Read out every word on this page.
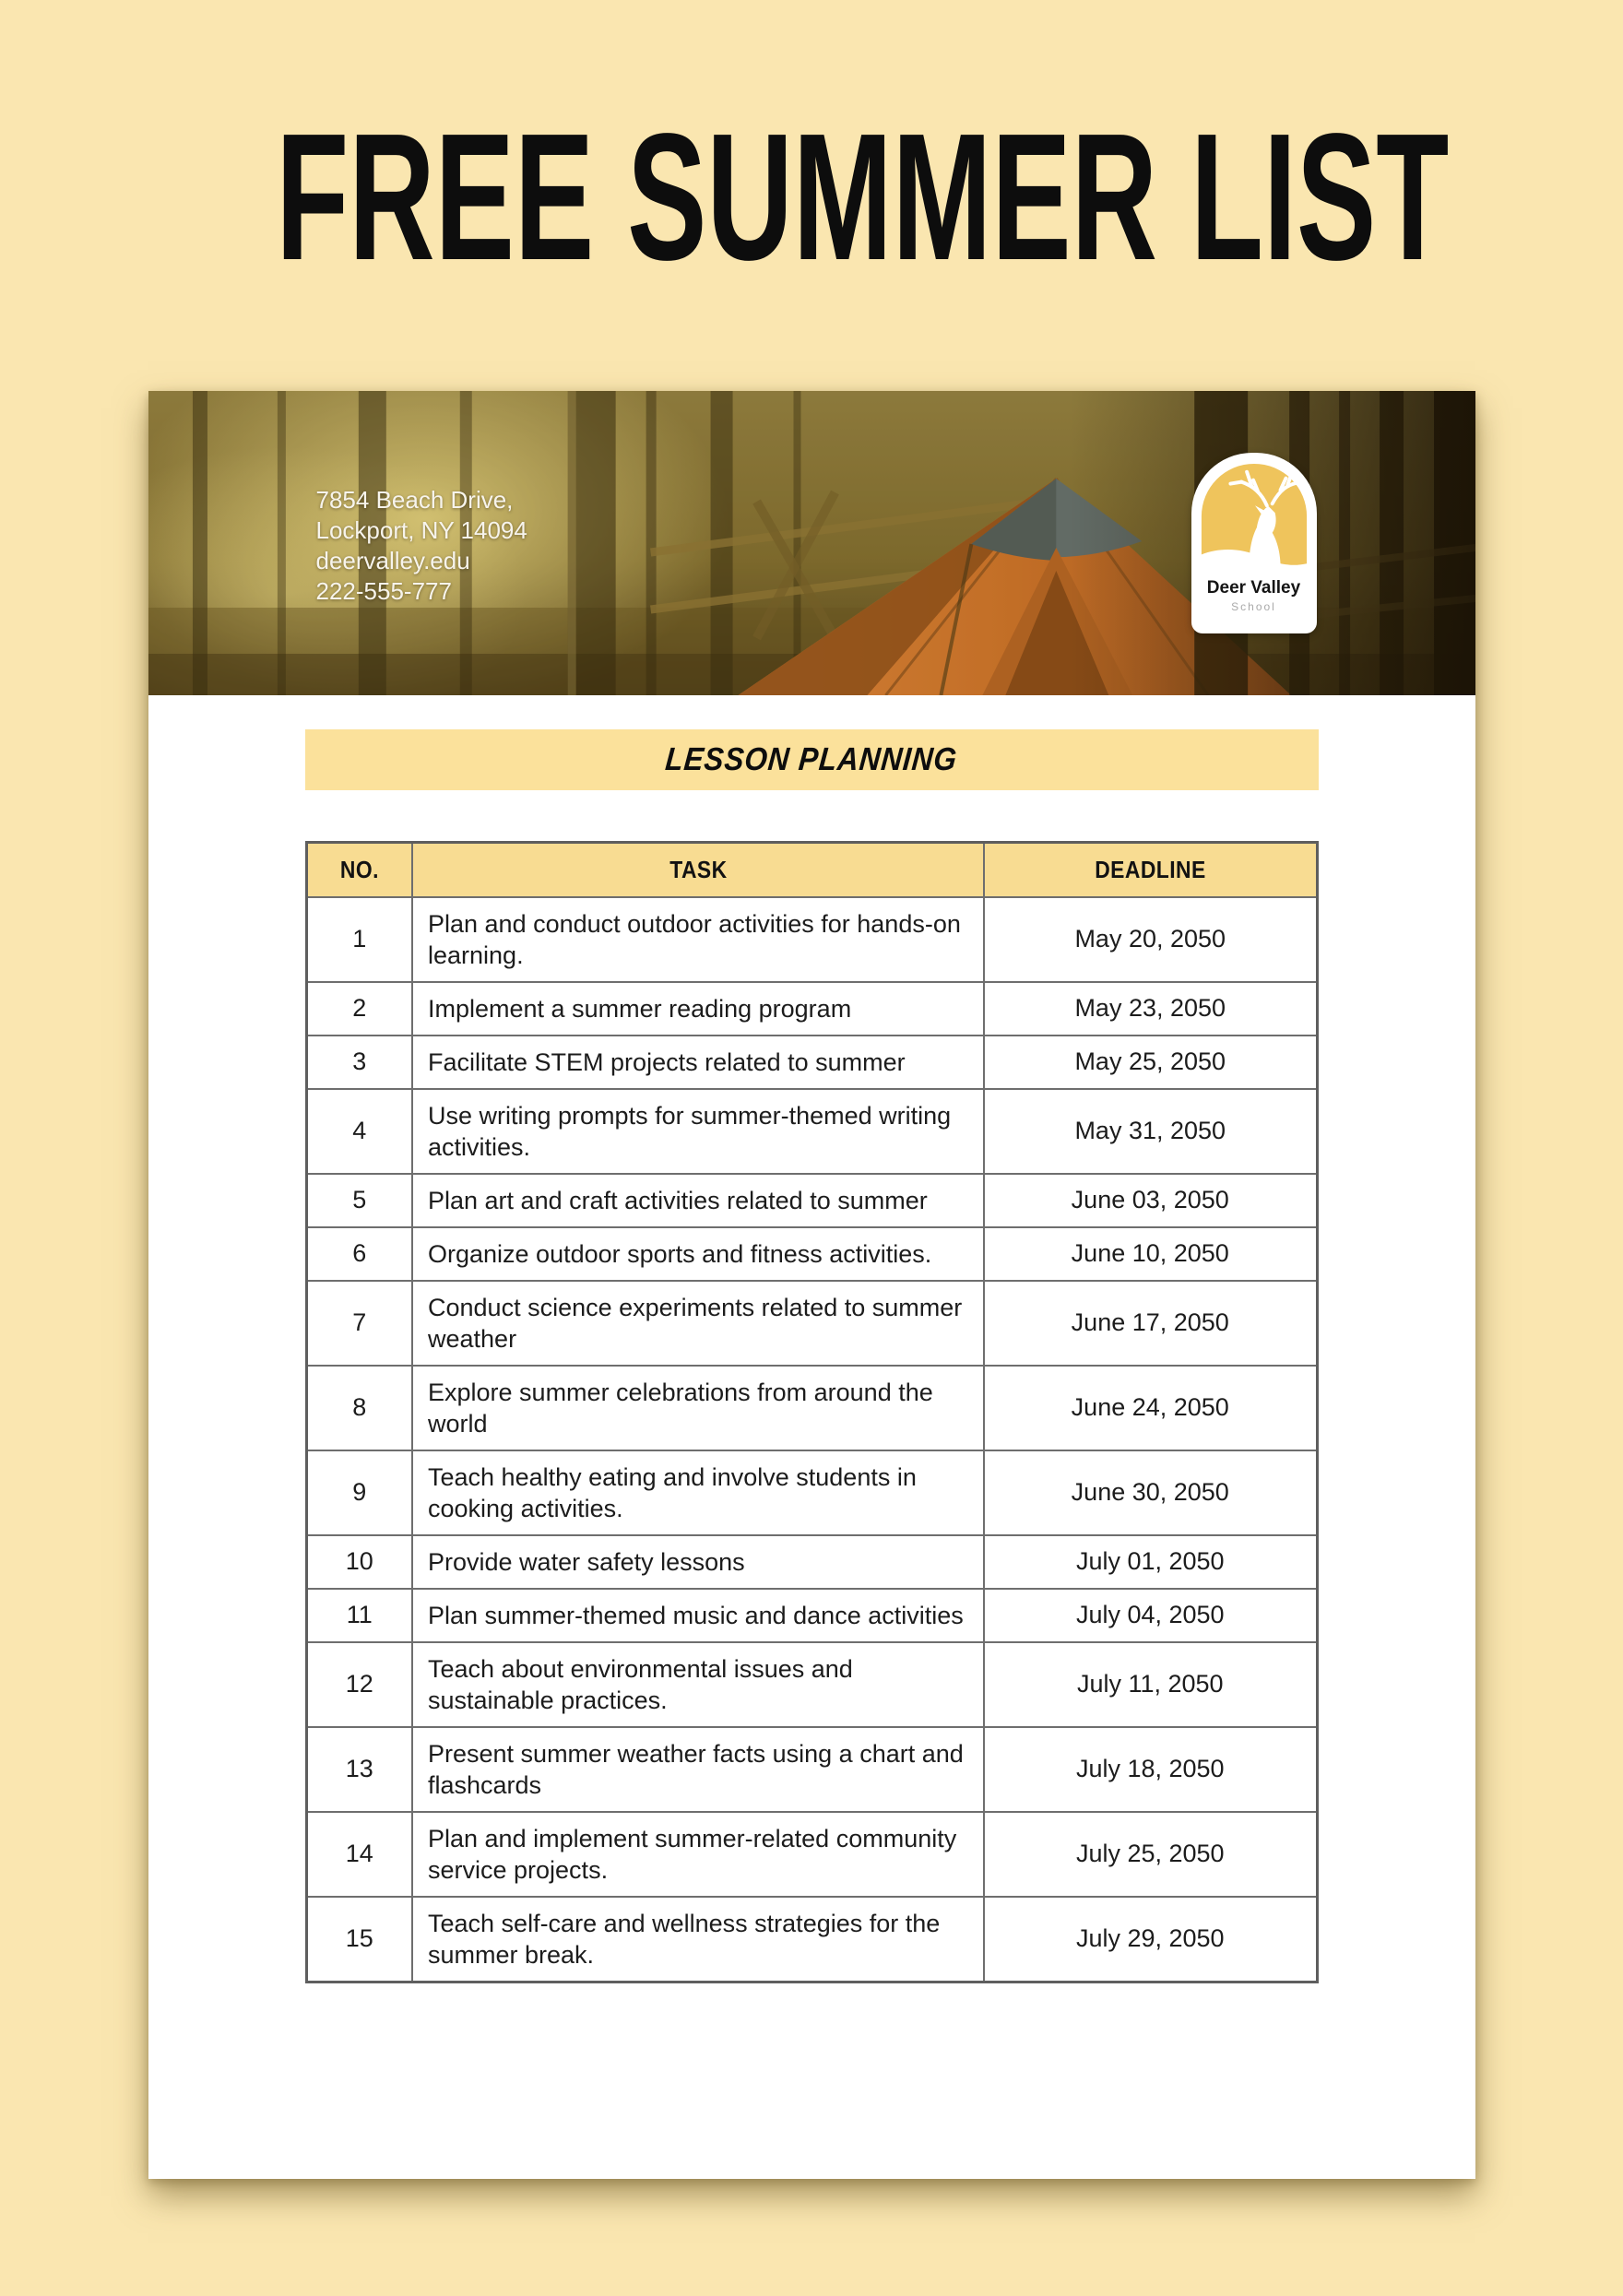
FREE SUMMER LIST
7854 Beach Drive,
Lockport, NY 14094
deervalley.edu
222-555-777	Deer Valley
School
LESSON PLANNING
NO.	TASK	DEADLINE
1	Plan and conduct outdoor activities for hands-on learning.	May 20, 2050
2	Implement a summer reading program	May 23, 2050
3	Facilitate STEM projects related to summer	May 25, 2050
4	Use writing prompts for summer-themed writing activities.	May 31, 2050
5	Plan art and craft activities related to summer	June 03, 2050
6	Organize outdoor sports and fitness activities.	June 10, 2050
7	Conduct science experiments related to summer weather	June 17, 2050
8	Explore summer celebrations from around the world	June 24, 2050
9	Teach healthy eating and involve students in cooking activities.	June 30, 2050
10	Provide water safety lessons	July 01, 2050
11	Plan summer-themed music and dance activities	July 04, 2050
12	Teach about environmental issues and sustainable practices.	July 11, 2050
13	Present summer weather facts using a chart and flashcards	July 18, 2050
14	Plan and implement summer-related community service projects.	July 25, 2050
15	Teach self-care and wellness strategies for the summer break.	July 29, 2050
